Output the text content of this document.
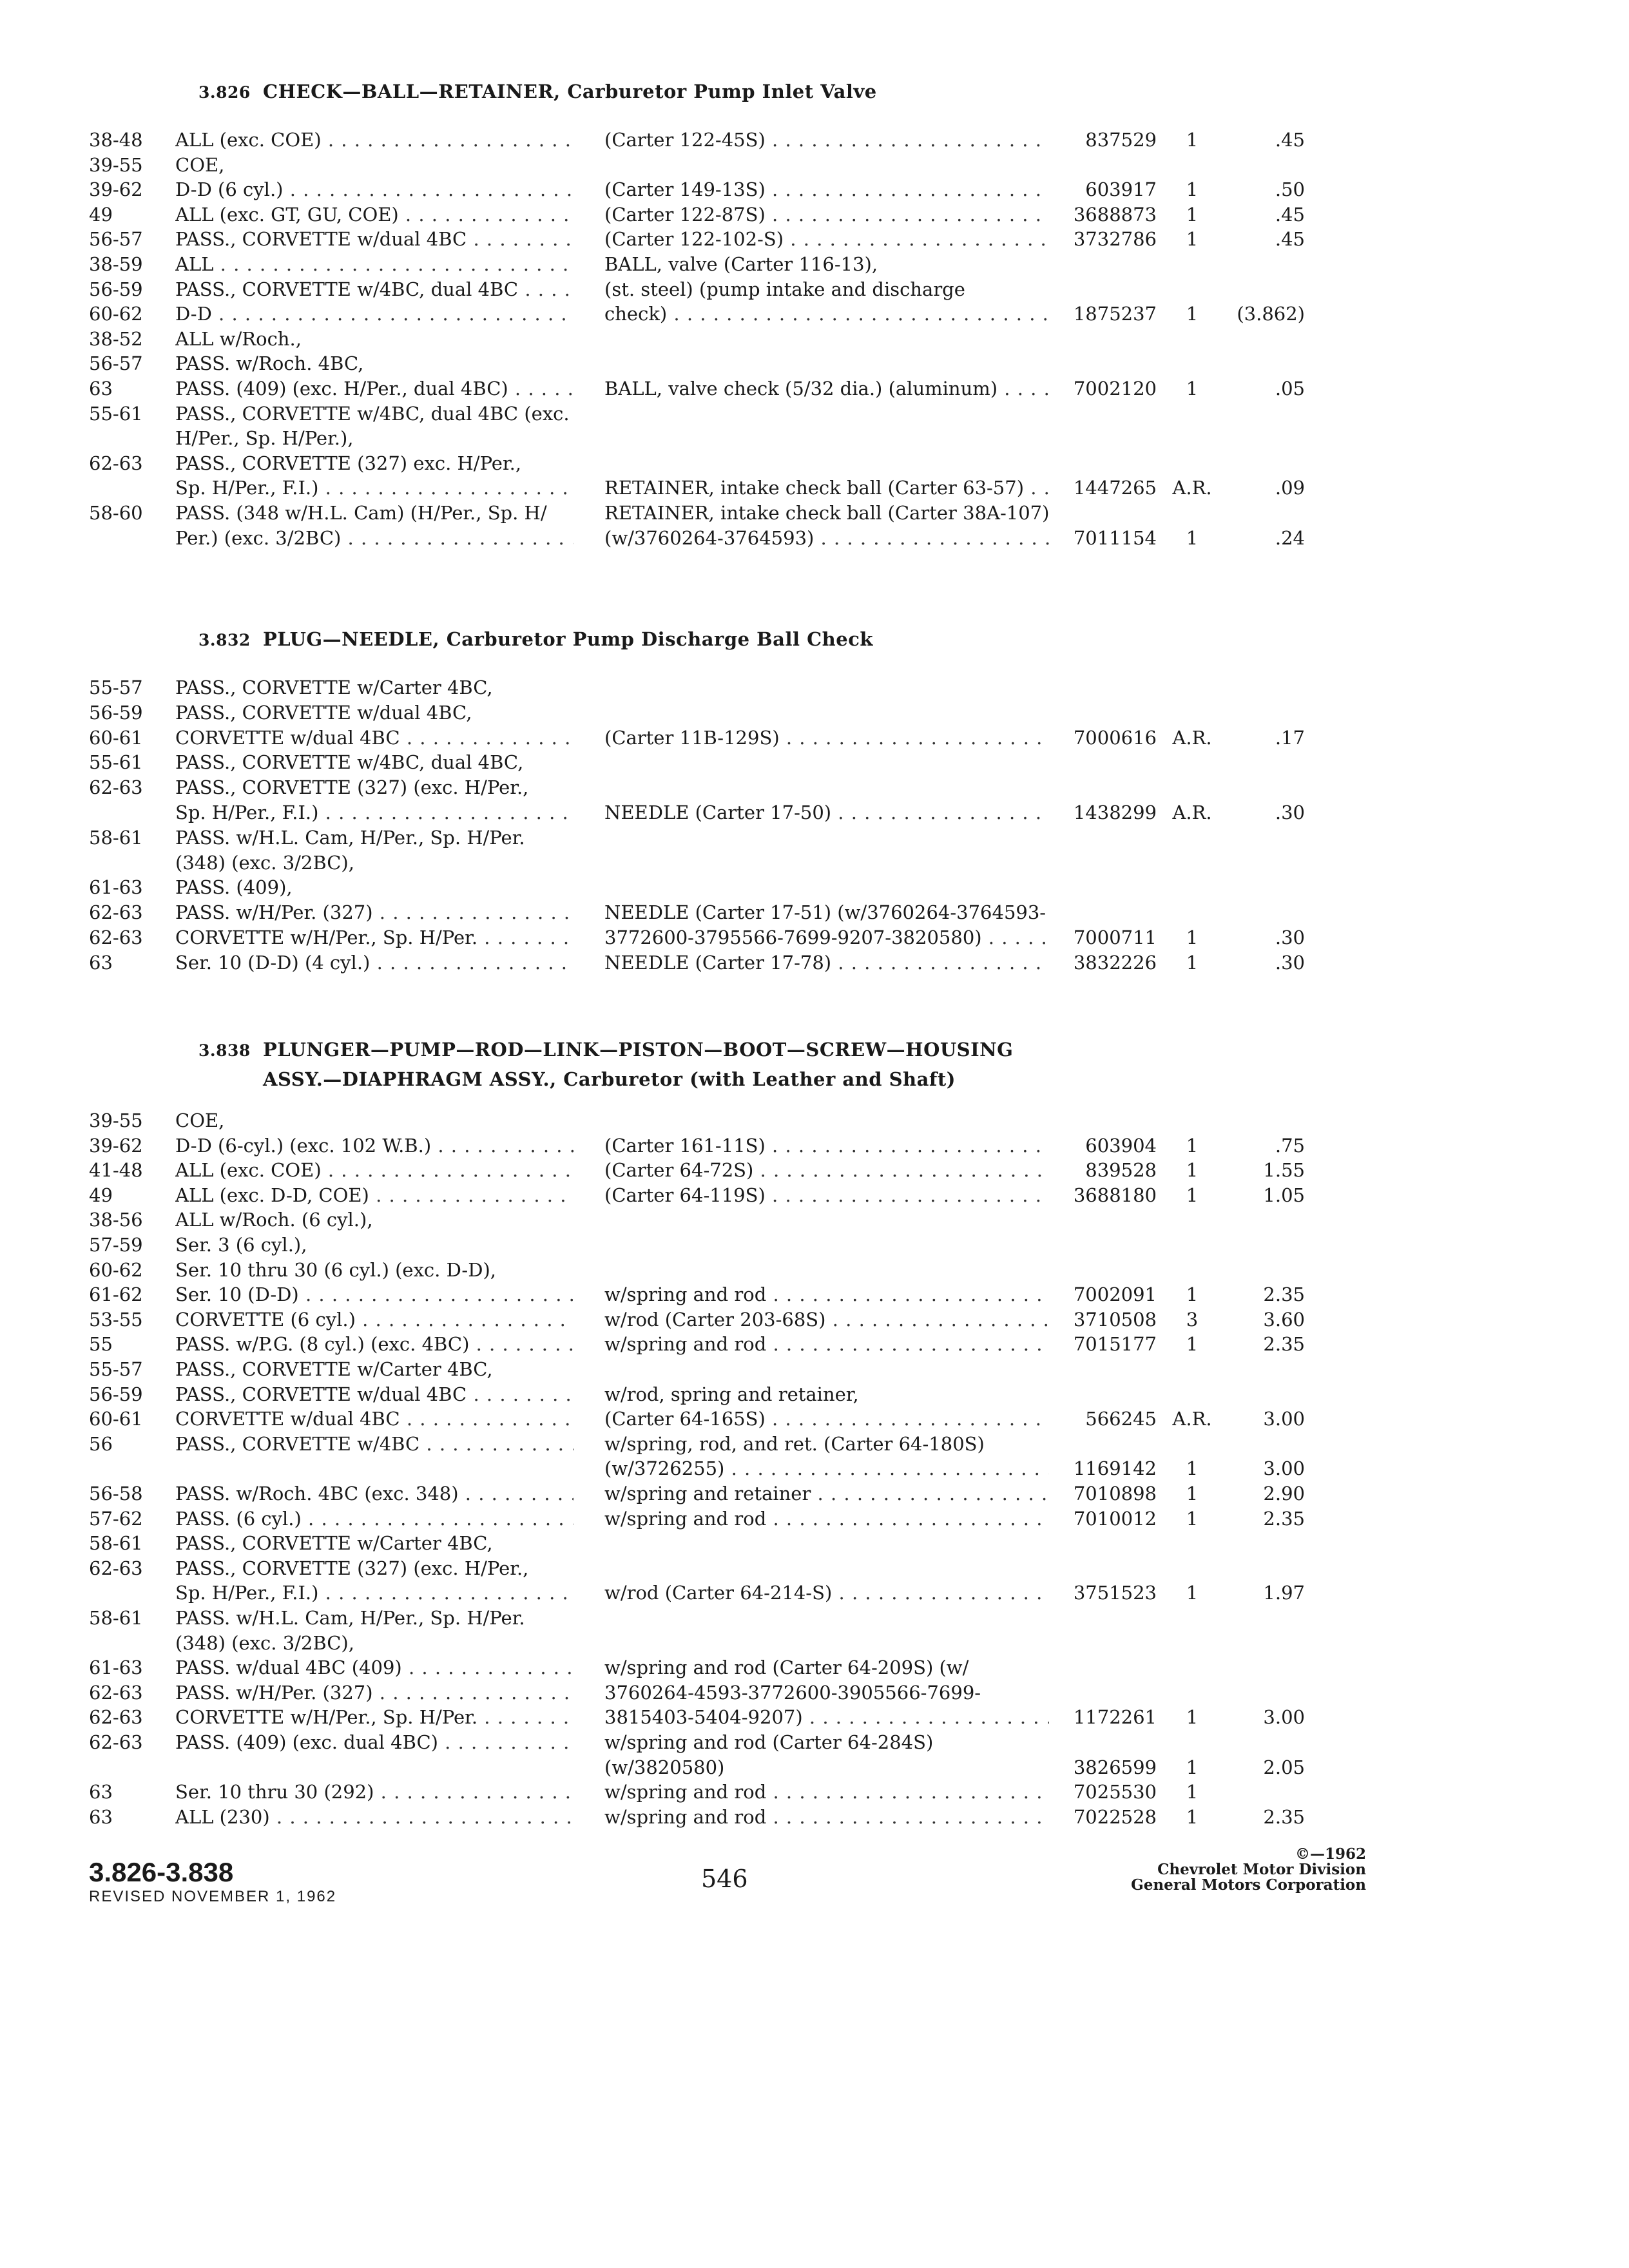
3.826 CHECK—BALL—RETAINER, Carburetor Pump Inlet Valve
38-48	ALL (exc. COE) . . .	(Carter 122-45S) . . .	837529	1	.45
39-55	COE,
39-62	D-D (6 cyl.) . . .	(Carter 149-13S) . . .	603917	1	.50
49	ALL (exc. GT, GU, COE) . . .	(Carter 122-87S) . . .	3688873	1	.45
56-57	PASS., CORVETTE w/dual 4BC . . .	(Carter 122-102-S) . . .	3732786	1	.45
38-59	ALL . . .	BALL, valve (Carter 116-13),
56-59	PASS., CORVETTE w/4BC, dual 4BC . . .	(st. steel) (pump intake and discharge
60-62	D-D . . .	check) . . .	1875237	1	(3.862)
38-52	ALL w/Roch.,
56-57	PASS. w/Roch. 4BC,
63	PASS. (409) (exc. H/Per., dual 4BC) . . .	BALL, valve check (5/32 dia.) (aluminum) . . .	7002120	1	.05
55-61	PASS., CORVETTE w/4BC, dual 4BC (exc.
H/Per., Sp. H/Per.),
62-63	PASS., CORVETTE (327) exc. H/Per.,
Sp. H/Per., F.I.) . . .	RETAINER, intake check ball (Carter 63-57) . . .	1447265 A.R.	.09
58-60	PASS. (348 w/H.L. Cam) (H/Per., Sp. H/	RETAINER, intake check ball (Carter 38A-107)
Per.) (exc. 3/2BC) . . .	(w/3760264-3764593) . . .	7011154	1	.24
3.832 PLUG—NEEDLE, Carburetor Pump Discharge Ball Check
55-57	PASS., CORVETTE w/Carter 4BC,
56-59	PASS., CORVETTE w/dual 4BC,
60-61	CORVETTE w/dual 4BC . . .	(Carter 11B-129S) . . .	7000616 A.R.	.17
55-61	PASS., CORVETTE w/4BC, dual 4BC,
62-63	PASS., CORVETTE (327) (exc. H/Per.,
Sp. H/Per., F.I.) . . .	NEEDLE (Carter 17-50) . . .	1438299 A.R.	.30
58-61	PASS. w/H.L. Cam, H/Per., Sp. H/Per.
(348) (exc. 3/2BC),
61-63	PASS. (409),
62-63	PASS. w/H/Per. (327) . . .	NEEDLE (Carter 17-51) (w/3760264-3764593-
62-63	CORVETTE w/H/Per., Sp. H/Per. . . .	3772600-3795566-7699-9207-3820580) . . .	7000711	1	.30
63	Ser. 10 (D-D) (4 cyl.) . . .	NEEDLE (Carter 17-78) . . .	3832226	1	.30
3.838 PLUNGER—PUMP—ROD—LINK—PISTON—BOOT—SCREW—HOUSING
ASSY.—DIAPHRAGM ASSY., Carburetor (with Leather and Shaft)
39-55	COE,
39-62	D-D (6-cyl.) (exc. 102 W.B.) . . .	(Carter 161-11S) . . .	603904	1	.75
41-48	ALL (exc. COE) . . .	(Carter 64-72S) . . .	839528	1	1.55
49	ALL (exc. D-D, COE) . . .	(Carter 64-119S) . . .	3688180	1	1.05
38-56	ALL w/Roch. (6 cyl.),
57-59	Ser. 3 (6 cyl.),
60-62	Ser. 10 thru 30 (6 cyl.) (exc. D-D),
61-62	Ser. 10 (D-D) . . .	w/spring and rod . . .	7002091	1	2.35
53-55	CORVETTE (6 cyl.) . . .	w/rod (Carter 203-68S) . . .	3710508	3	3.60
55	PASS. w/P.G. (8 cyl.) (exc. 4BC) . . .	w/spring and rod . . .	7015177	1	2.35
55-57	PASS., CORVETTE w/Carter 4BC,
56-59	PASS., CORVETTE w/dual 4BC . . .	w/rod, spring and retainer,
60-61	CORVETTE w/dual 4BC . . .	(Carter 64-165S) . . .	566245 A.R.	3.00
56	PASS., CORVETTE w/4BC . . .	w/spring, rod, and ret. (Carter 64-180S)
(w/3726255) . . .	1169142	1	3.00
56-58	PASS. w/Roch. 4BC (exc. 348) . . .	w/spring and retainer . . .	7010898	1	2.90
57-62	PASS. (6 cyl.) . . .	w/spring and rod . . .	7010012	1	2.35
58-61	PASS., CORVETTE w/Carter 4BC,
62-63	PASS., CORVETTE (327) (exc. H/Per.,
Sp. H/Per., F.I.) . . .	w/rod (Carter 64-214-S) . . .	3751523	1	1.97
58-61	PASS. w/H.L. Cam, H/Per., Sp. H/Per.
(348) (exc. 3/2BC),
61-63	PASS. w/dual 4BC (409) . . .	w/spring and rod (Carter 64-209S) (w/
62-63	PASS. w/H/Per. (327) . . .	3760264-4593-3772600-3905566-7699-
62-63	CORVETTE w/H/Per., Sp. H/Per. . . .	3815403-5404-9207) . . .	1172261	1	3.00
62-63	PASS. (409) (exc. dual 4BC) . . .	w/spring and rod (Carter 64-284S)
(w/3820580)	3826599	1	2.05
63	Ser. 10 thru 30 (292) . . .	w/spring and rod . . .	7025530	1
63	ALL (230) . . .	w/spring and rod . . .	7022528	1	2.35
3.826-3.838
REVISED NOVEMBER 1, 1962
546
©—1962
Chevrolet Motor Division
General Motors Corporation
